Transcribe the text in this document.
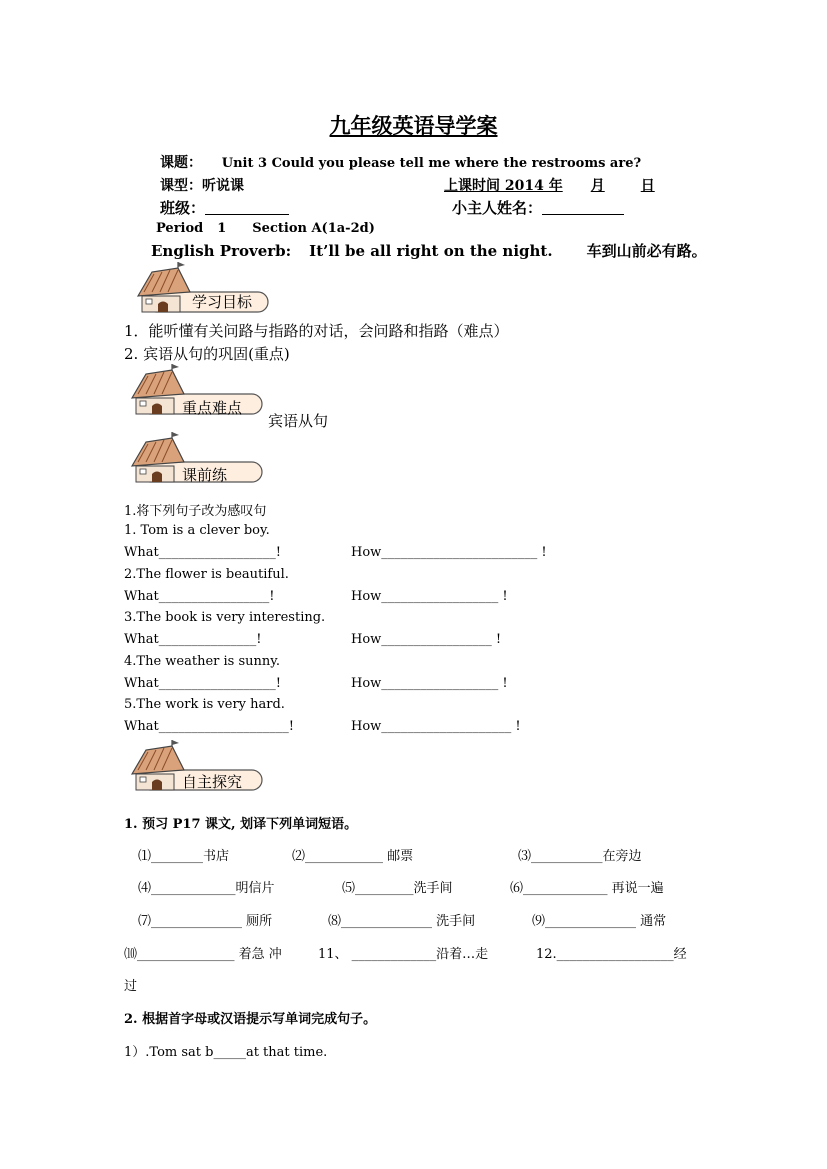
九年级英语导学案
课题： Unit 3 Could you please tell me where the restrooms are?
课型：听说课	上课时间 2014 年 月	日
班级：	小主人姓名：
Period 1 Section A(1a-2d)
English Proverb: It’ll be all right on the night. 车到山前必有路。
学习目标
1．能听懂有关问路与指路的对话，会问路和指路（难点）
2. 宾语从句的巩固(重点)
重点难点
宾语从句
课前练
1.将下列句子改为感叹句
1. Tom is a clever boy.
What__________________!	How________________________ !
2.The flower is beautiful.
What_________________!	How__________________ !
3.The book is very interesting.
What_______________!	How_________________ !
4.The weather is sunny.
What__________________!	How__________________ !
5.The work is very hard.
What____________________!	How____________________ !
自主探究
1. 预习 P17 课文, 划译下列单词短语。
⑴________书店	⑵____________ 邮票	⑶___________在旁边
⑷_____________明信片	⑸_________洗手间	⑹_____________ 再说一遍
⑺______________ 厕所	⑻______________ 洗手间	⑼______________ 通常
⑽_______________ 着急 冲	11、 _____________沿着…走	12.__________________经
过
2. 根据首字母或汉语提示写单词完成句子。
1）.Tom sat b_____at that time.
